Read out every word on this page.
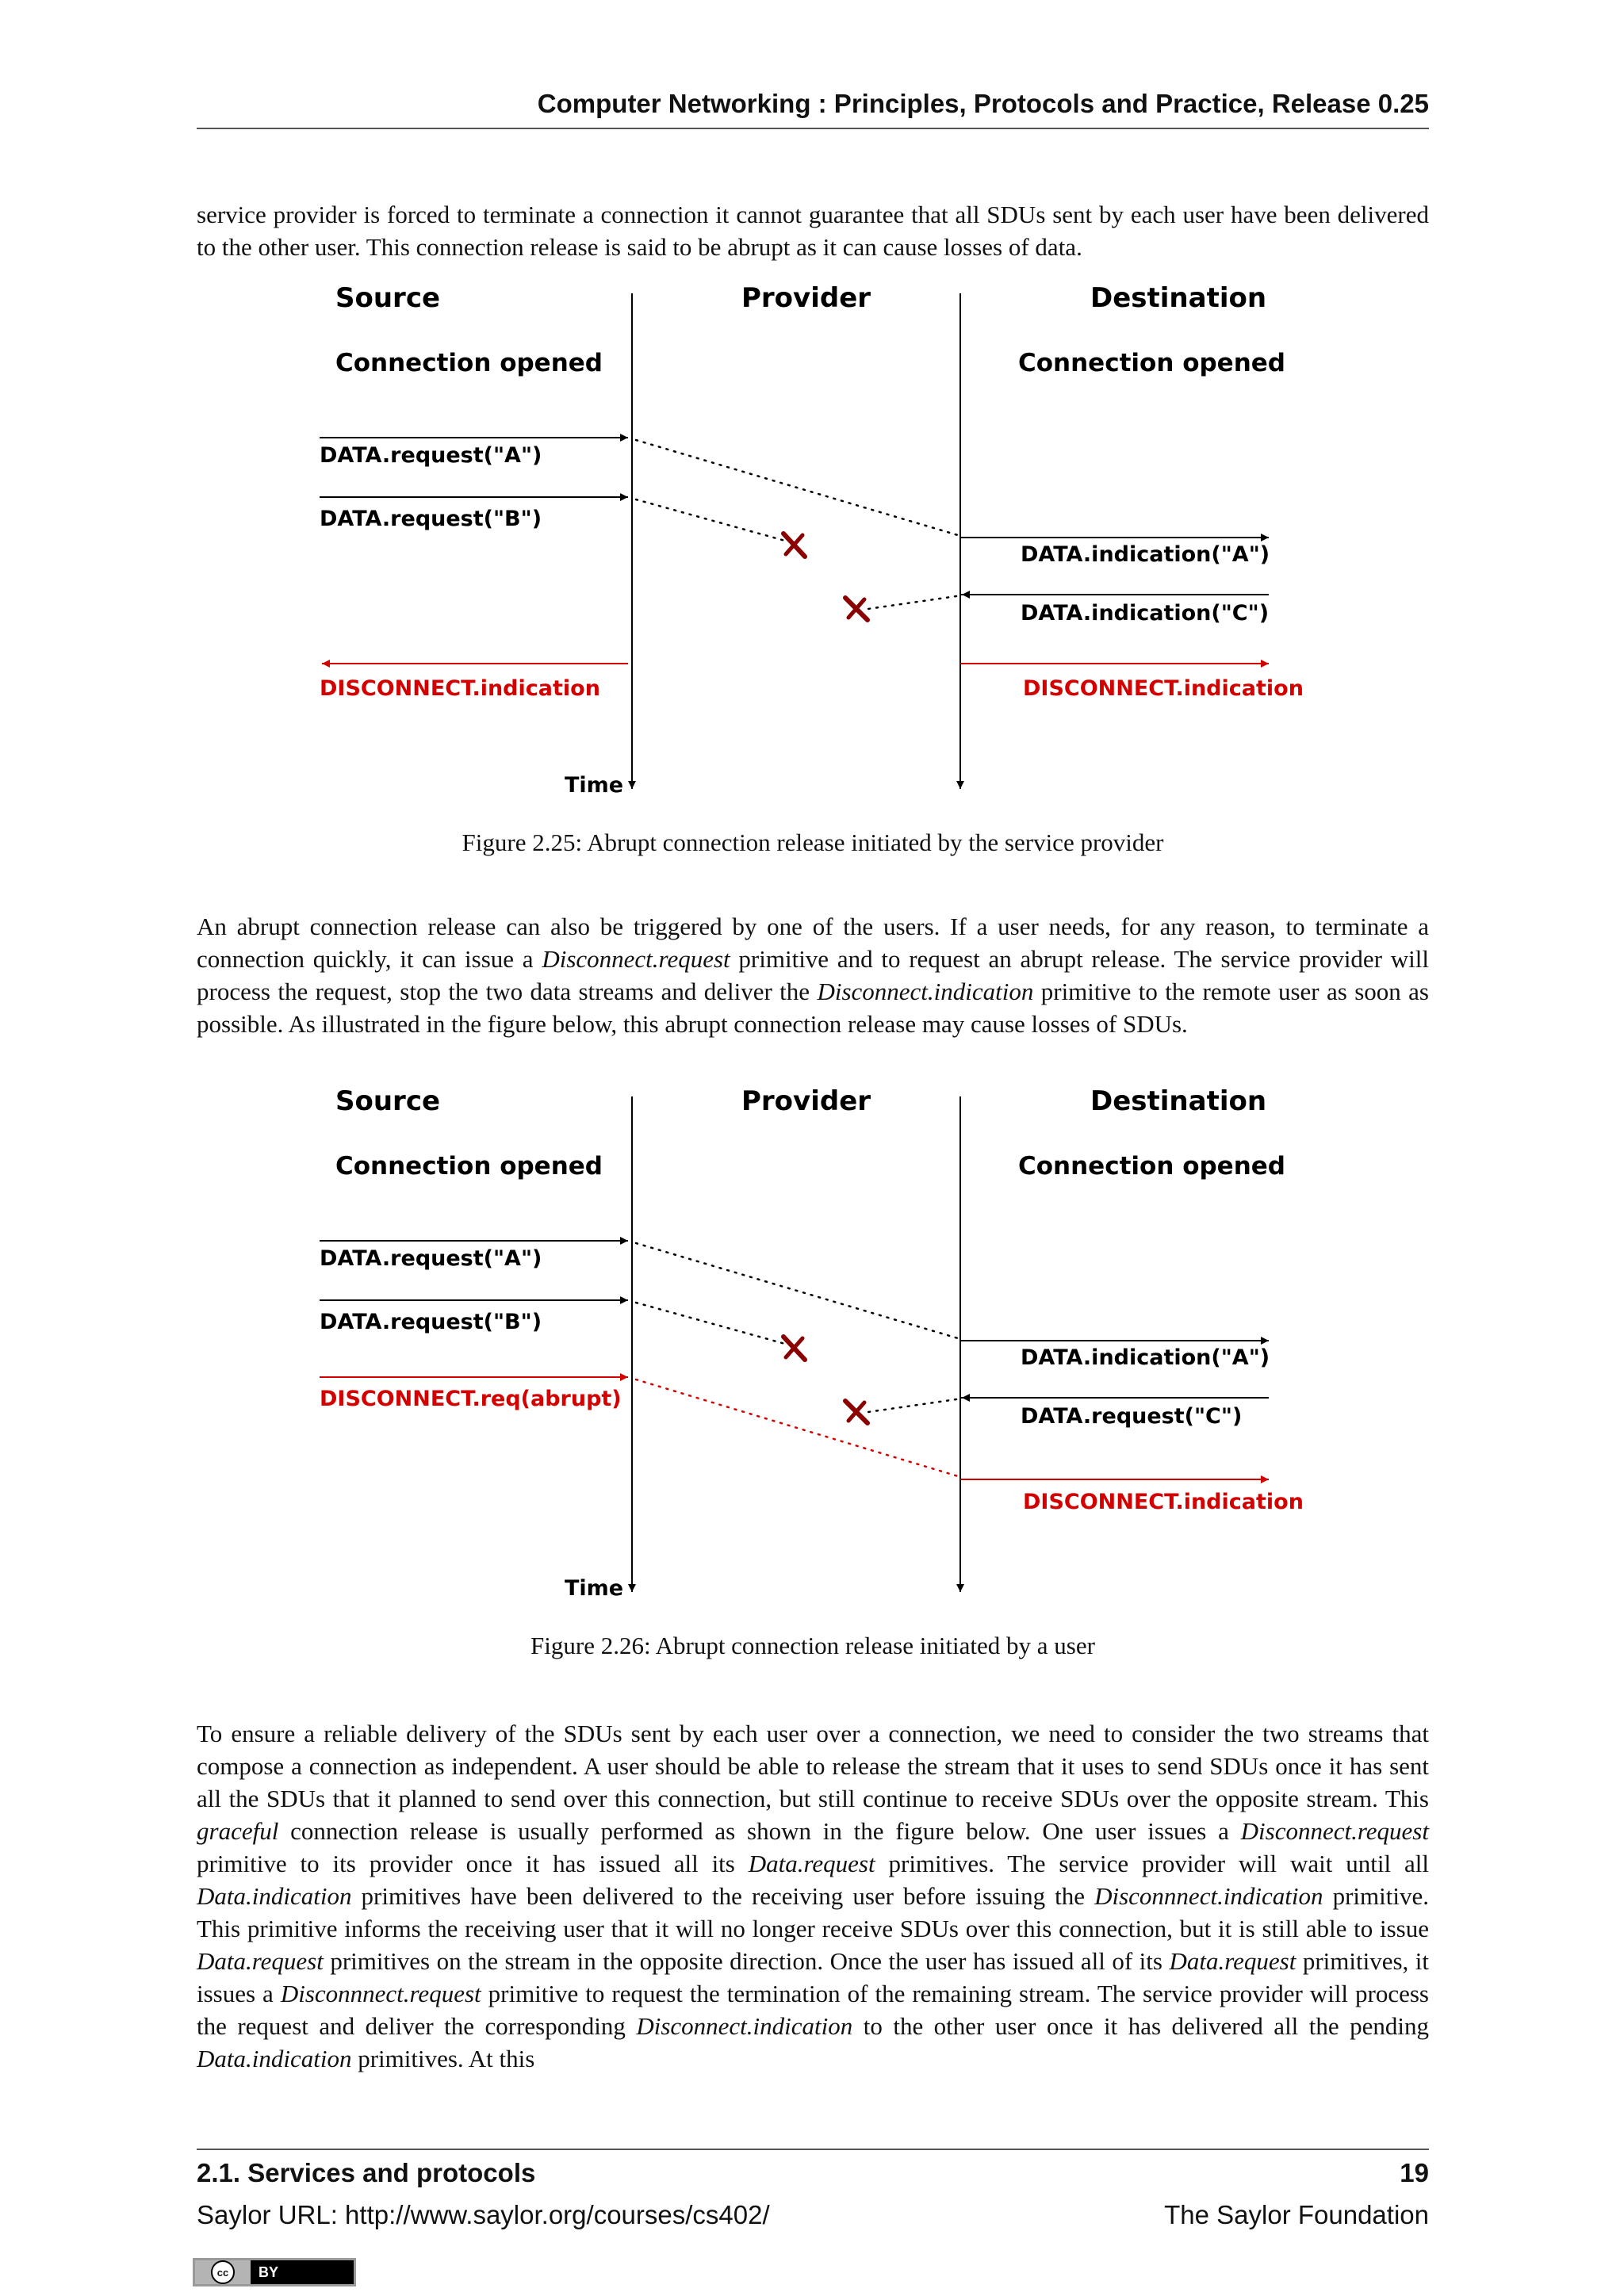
Computer Networking : Principles, Protocols and Practice, Release 0.25

service provider is forced to terminate a connection it cannot guarantee that all SDUs sent by each user have been delivered to the other user. This connection release is said to be abrupt as it can cause losses of data.

Source	Provider	Destination
Connection opened	Connection opened
DATA.request("A")
DATA.indication("A")
DATA.request("B")
DATA.indication("C")
DISCONNECT.indication	DISCONNECT.indication
Time
Figure 2.25: Abrupt connection release initiated by the service provider

An abrupt connection release can also be triggered by one of the users. If a user needs, for any reason, to terminate a connection quickly, it can issue a Disconnect.request primitive and to request an abrupt release. The service provider will process the request, stop the two data streams and deliver the Disconnect.indication primitive to the remote user as soon as possible. As illustrated in the figure below, this abrupt connection release may cause losses of SDUs.

Source	Provider	Destination
Connection opened	Connection opened
DATA.request("A")
DATA.indication("A")
DATA.request("B")
DISCONNECT.req(abrupt)
DATA.request("C")
DISCONNECT.indication
Time
Figure 2.26: Abrupt connection release initiated by a user

To ensure a reliable delivery of the SDUs sent by each user over a connection, we need to consider the two streams that compose a connection as independent. A user should be able to release the stream that it uses to send SDUs once it has sent all the SDUs that it planned to send over this connection, but still continue to receive SDUs over the opposite stream. This graceful connection release is usually performed as shown in the figure below. One user issues a Disconnect.request primitive to its provider once it has issued all its Data.request primitives. The service provider will wait until all Data.indication primitives have been delivered to the receiving user before issuing the Disconnnect.indication primitive. This primitive informs the receiving user that it will no longer receive SDUs over this connection, but it is still able to issue Data.request primitives on the stream in the opposite direction. Once the user has issued all of its Data.request primitives, it issues a Disconnnect.request primitive to request the termination of the remaining stream. The service provider will process the request and deliver the corresponding Disconnect.indication to the other user once it has delivered all the pending Data.indication primitives. At this

2.1. Services and protocols	19
Saylor URL: http://www.saylor.org/courses/cs402/	The Saylor Foundation
cc	BY
